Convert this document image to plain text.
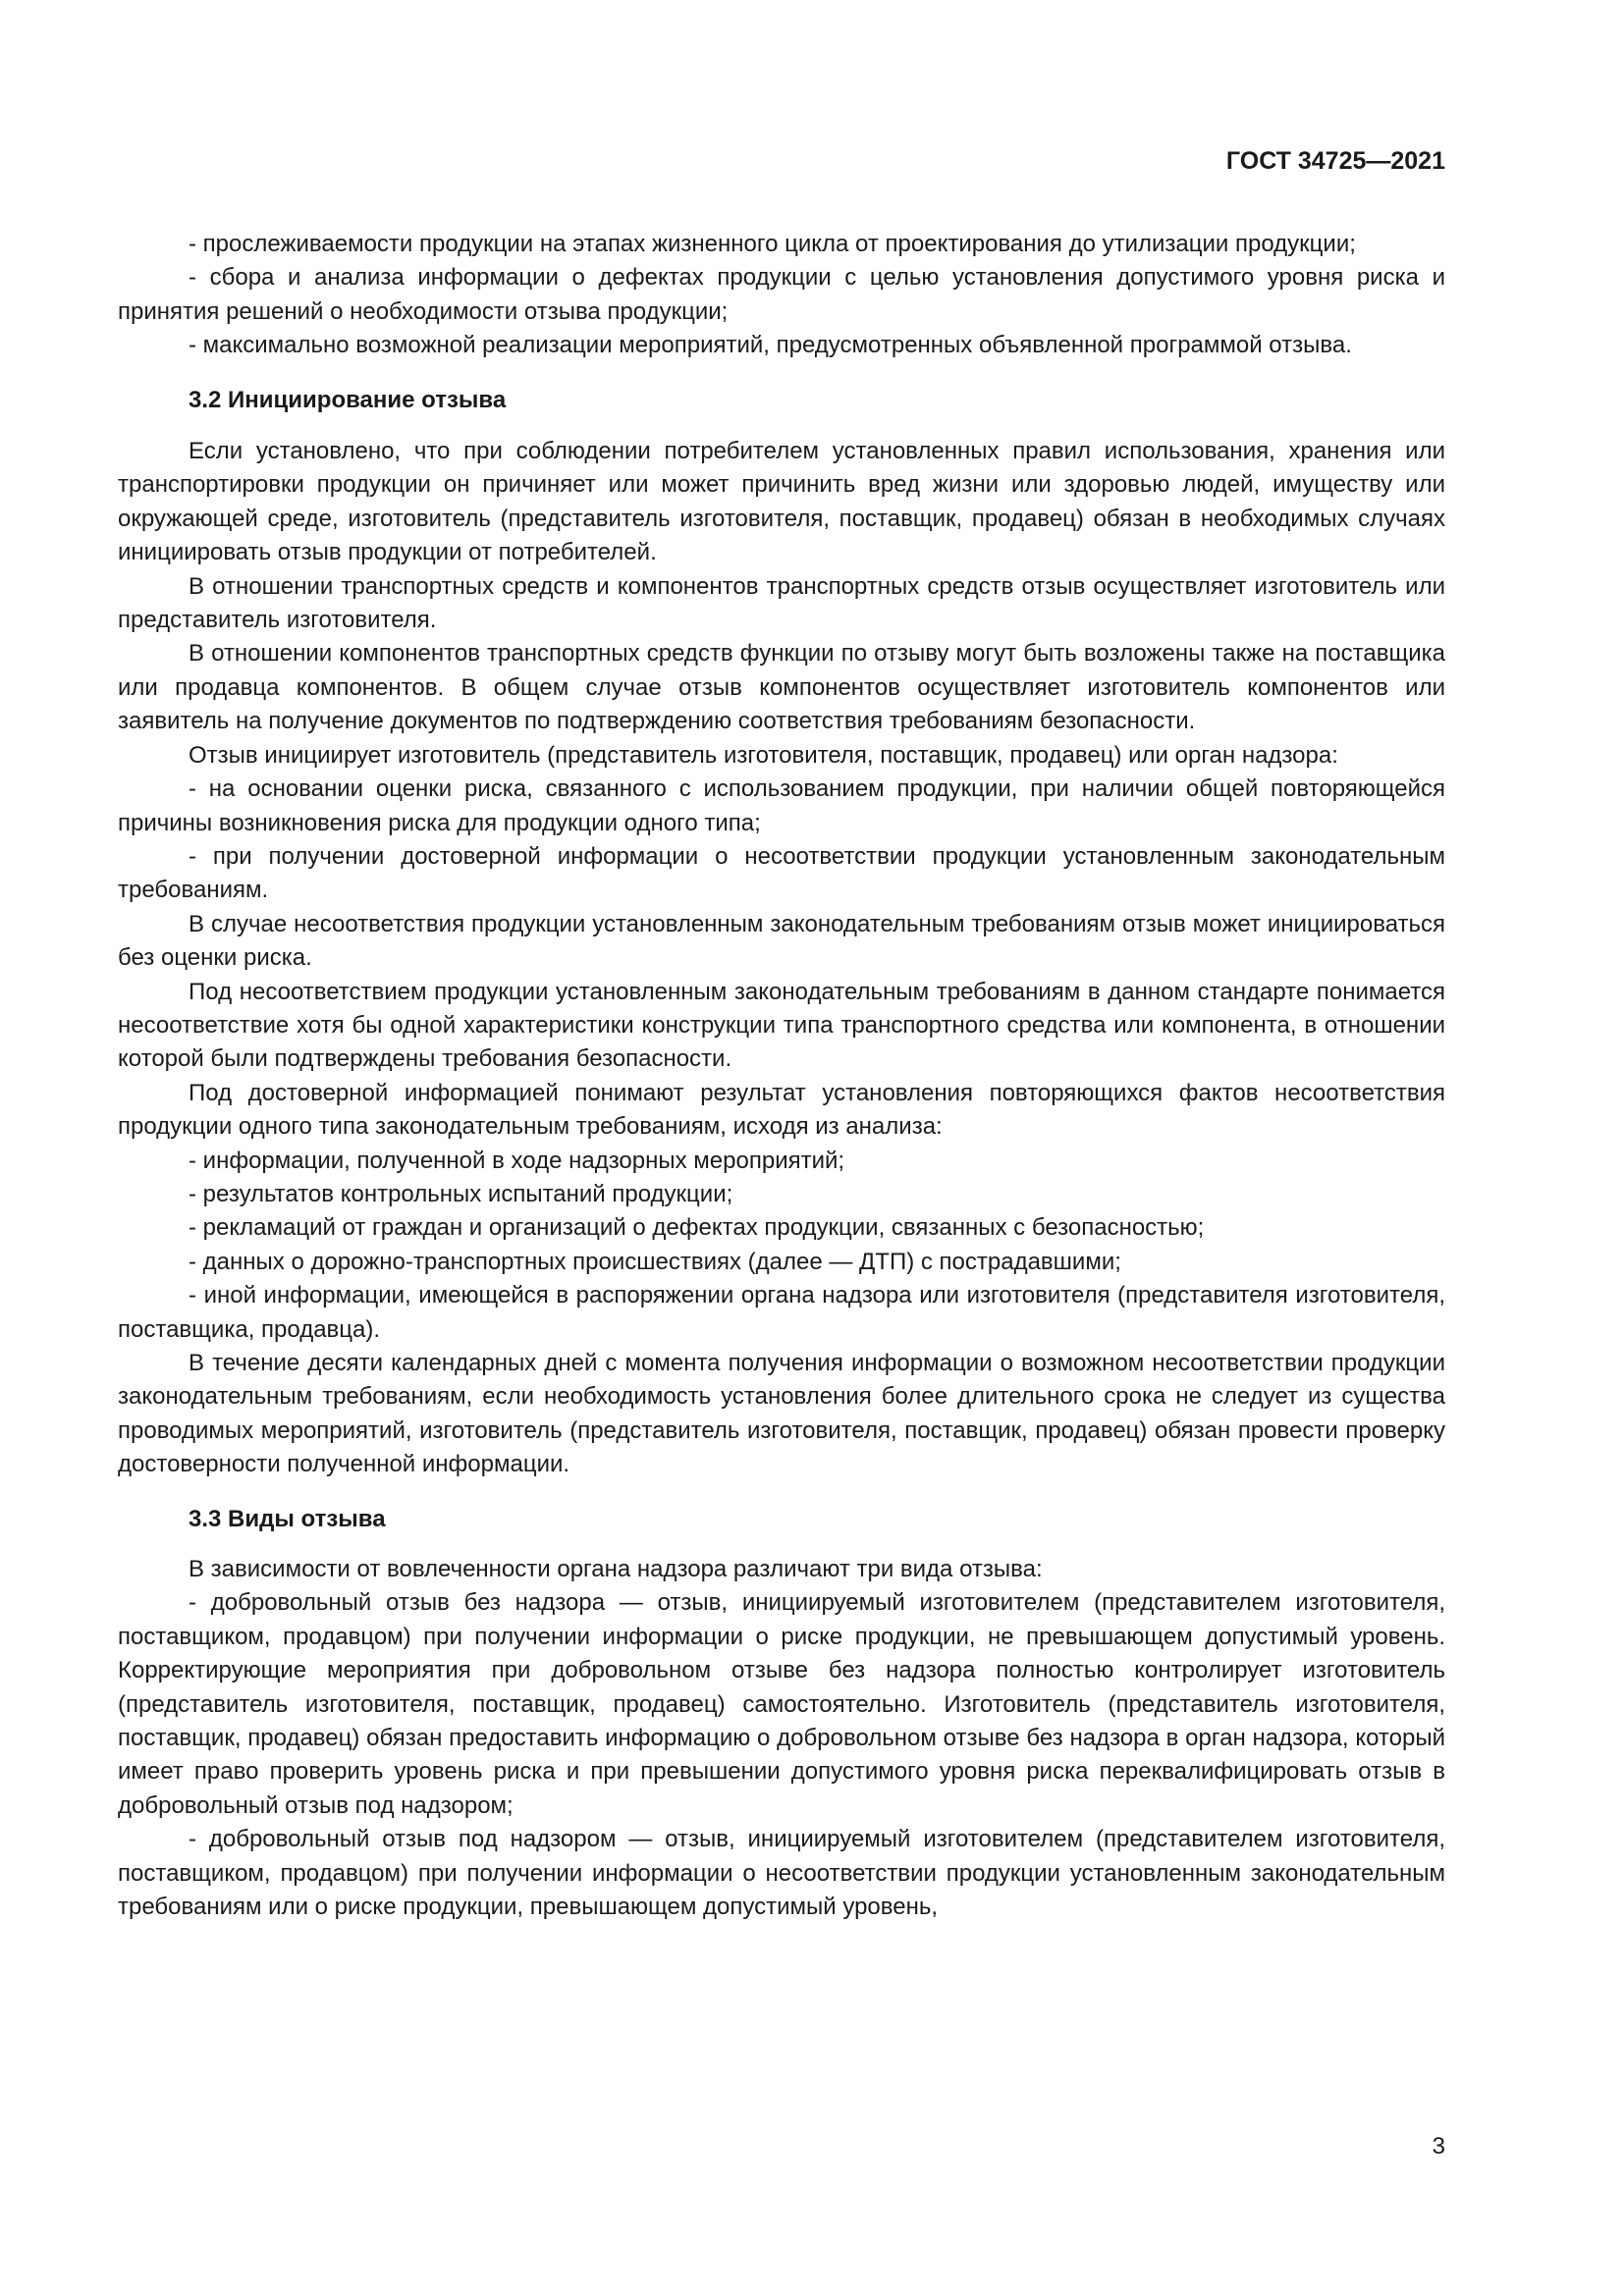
ГОСТ 34725—2021

- прослеживаемости продукции на этапах жизненного цикла от проектирования до утилизации продукции;

- сбора и анализа информации о дефектах продукции с целью установления допустимого уровня риска и принятия решений о необходимости отзыва продукции;

- максимально возможной реализации мероприятий, предусмотренных объявленной программой отзыва.

3.2 Инициирование отзыва

Если установлено, что при соблюдении потребителем установленных правил использования, хранения или транспортировки продукции он причиняет или может причинить вред жизни или здоровью людей, имуществу или окружающей среде, изготовитель (представитель изготовителя, поставщик, продавец) обязан в необходимых случаях инициировать отзыв продукции от потребителей.

В отношении транспортных средств и компонентов транспортных средств отзыв осуществляет изготовитель или представитель изготовителя.

В отношении компонентов транспортных средств функции по отзыву могут быть возложены также на поставщика или продавца компонентов. В общем случае отзыв компонентов осуществляет изготовитель компонентов или заявитель на получение документов по подтверждению соответствия требованиям безопасности.

Отзыв инициирует изготовитель (представитель изготовителя, поставщик, продавец) или орган надзора:

- на основании оценки риска, связанного с использованием продукции, при наличии общей повторяющейся причины возникновения риска для продукции одного типа;

- при получении достоверной информации о несоответствии продукции установленным законодательным требованиям.

В случае несоответствия продукции установленным законодательным требованиям отзыв может инициироваться без оценки риска.

Под несоответствием продукции установленным законодательным требованиям в данном стандарте понимается несоответствие хотя бы одной характеристики конструкции типа транспортного средства или компонента, в отношении которой были подтверждены требования безопасности.

Под достоверной информацией понимают результат установления повторяющихся фактов несоответствия продукции одного типа законодательным требованиям, исходя из анализа:

- информации, полученной в ходе надзорных мероприятий;

- результатов контрольных испытаний продукции;

- рекламаций от граждан и организаций о дефектах продукции, связанных с безопасностью;

- данных о дорожно-транспортных происшествиях (далее — ДТП) с пострадавшими;

- иной информации, имеющейся в распоряжении органа надзора или изготовителя (представителя изготовителя, поставщика, продавца).

В течение десяти календарных дней с момента получения информации о возможном несоответствии продукции законодательным требованиям, если необходимость установления более длительного срока не следует из существа проводимых мероприятий, изготовитель (представитель изготовителя, поставщик, продавец) обязан провести проверку достоверности полученной информации.

3.3 Виды отзыва

В зависимости от вовлеченности органа надзора различают три вида отзыва:

- добровольный отзыв без надзора — отзыв, инициируемый изготовителем (представителем изготовителя, поставщиком, продавцом) при получении информации о риске продукции, не превышающем допустимый уровень. Корректирующие мероприятия при добровольном отзыве без надзора полностью контролирует изготовитель (представитель изготовителя, поставщик, продавец) самостоятельно. Изготовитель (представитель изготовителя, поставщик, продавец) обязан предоставить информацию о добровольном отзыве без надзора в орган надзора, который имеет право проверить уровень риска и при превышении допустимого уровня риска переквалифицировать отзыв в добровольный отзыв под надзором;

- добровольный отзыв под надзором — отзыв, инициируемый изготовителем (представителем изготовителя, поставщиком, продавцом) при получении информации о несоответствии продукции установленным законодательным требованиям или о риске продукции, превышающем допустимый уровень,

3
